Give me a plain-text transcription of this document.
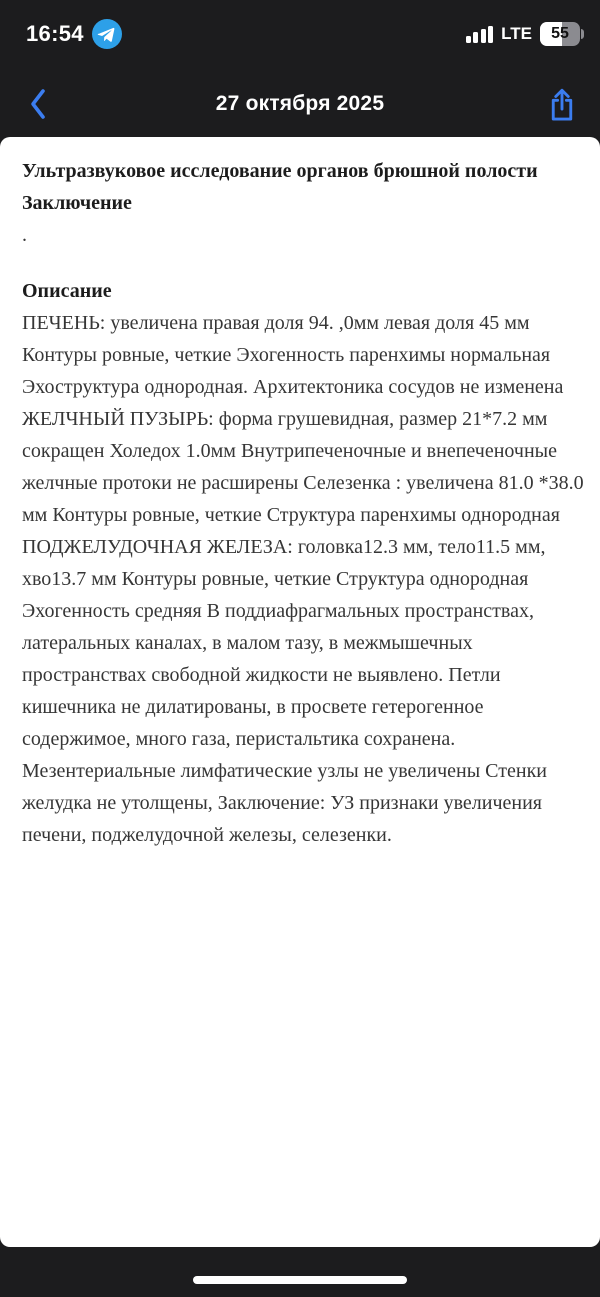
16:54	LTE	55
27 октября 2025
Ультразвуковое исследование органов брюшной полости
Заключение
.
Описание
ПЕЧЕНЬ: увеличена правая доля 94. ,0мм левая доля 45 мм
Контуры ровные, четкие Эхогенность паренхимы нормальная
Эхоструктура однородная. Архитектоника сосудов не изменена
ЖЕЛЧНЫЙ ПУЗЫРЬ: форма грушевидная, размер 21*7.2 мм
сокращен Холедох 1.0мм Внутрипеченочные и внепеченочные
желчные протоки не расширены Селезенка : увеличена 81.0 *38.0
мм Контуры ровные, четкие Структура паренхимы однородная
ПОДЖЕЛУДОЧНАЯ ЖЕЛЕЗА: головка12.3 мм, тело11.5 мм,
хво13.7 мм Контуры ровные, четкие Структура однородная
Эхогенность средняя В поддиафрагмальных пространствах,
латеральных каналах, в малом тазу, в межмышечных
пространствах свободной жидкости не выявлено. Петли
кишечника не дилатированы, в просвете гетерогенное
содержимое, много газа, перистальтика сохранена.
Мезентериальные лимфатические узлы не увеличены Стенки
желудка не утолщены, Заключение: УЗ признаки увеличения
печени, поджелудочной железы, селезенки.
